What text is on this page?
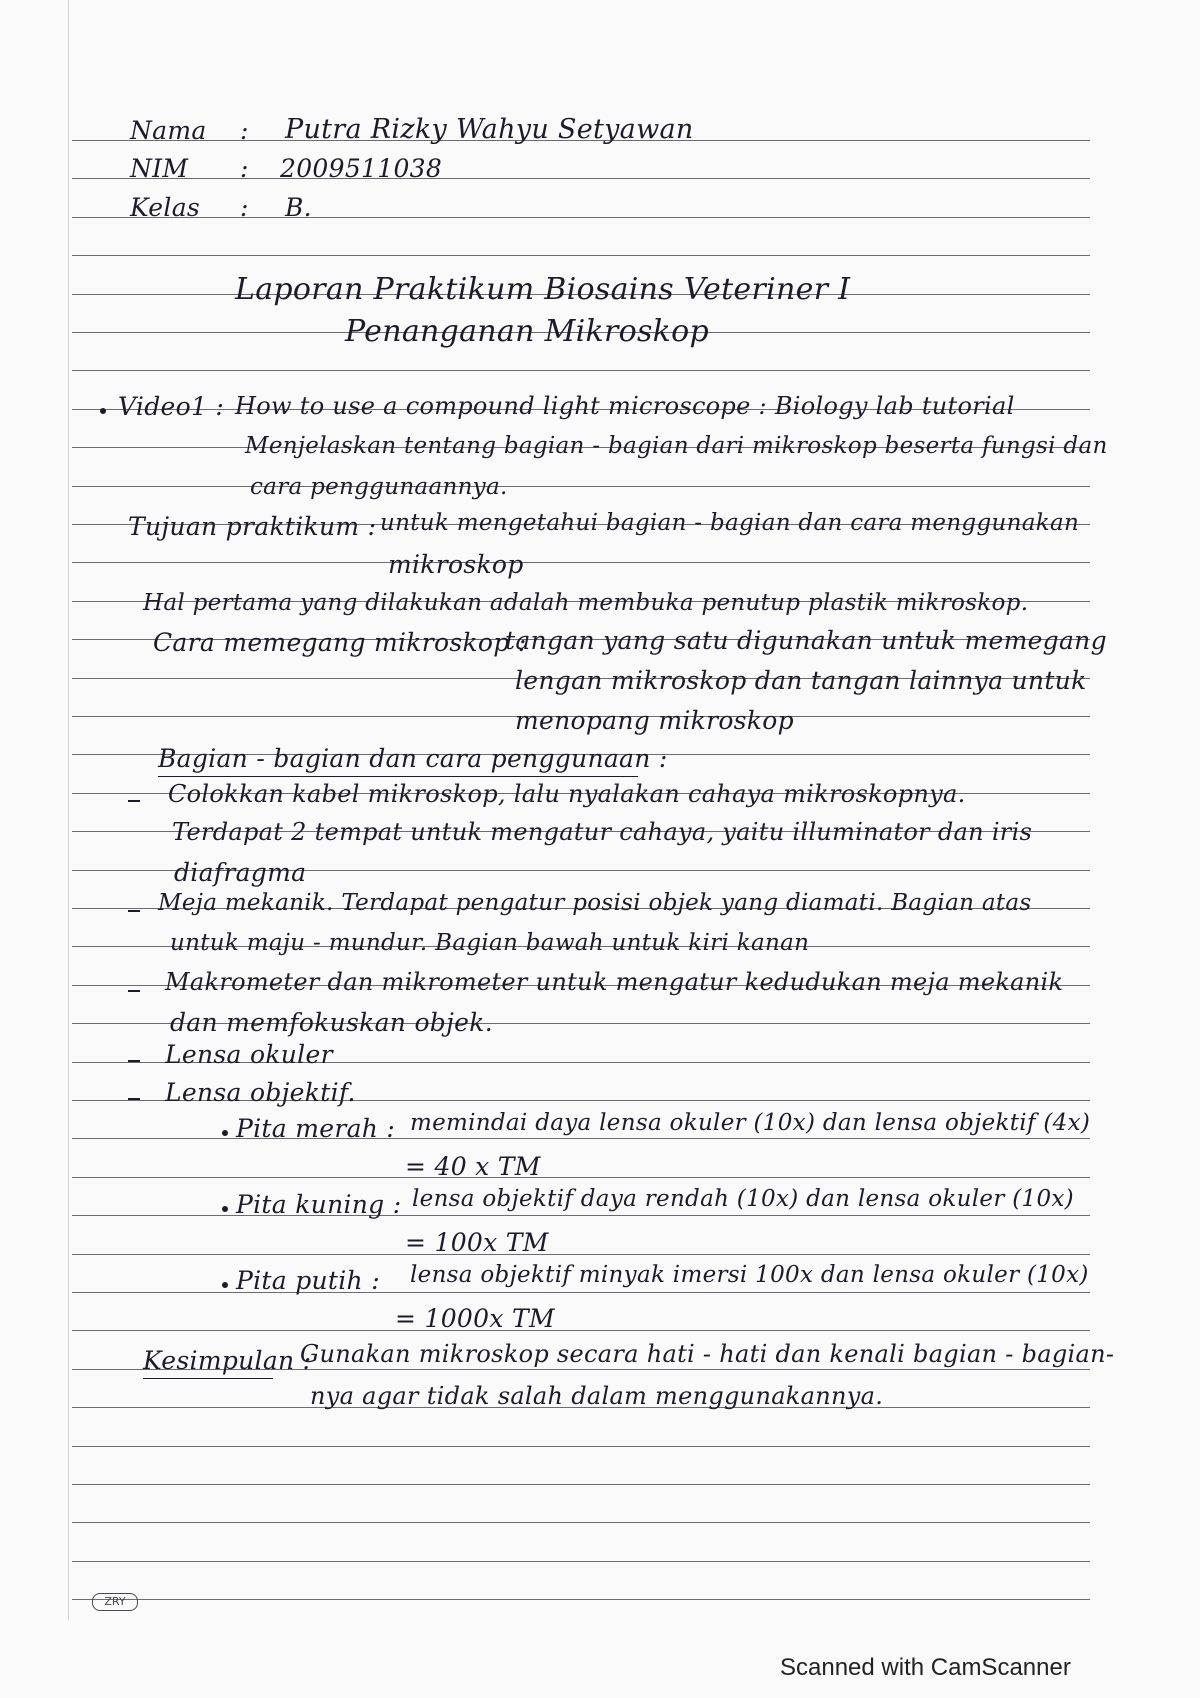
Nama : Putra Rizky Wahyu Setyawan
NIM : 2009511038
Kelas : B.
Laporan Praktikum Biosains Veteriner I
Penanganan Mikroskop
Video1 : How to use a compound light microscope : Biology lab tutorial
Menjelaskan tentang bagian - bagian dari mikroskop beserta fungsi dan
cara penggunaannya.
Tujuan praktikum : untuk mengetahui bagian - bagian dan cara menggunakan
mikroskop
Hal pertama yang dilakukan adalah membuka penutup plastik mikroskop.
Cara memegang mikroskop :
tangan yang satu digunakan untuk memegang
lengan mikroskop dan tangan lainnya untuk
menopang mikroskop
Bagian - bagian dan cara penggunaan :
Colokkan kabel mikroskop, lalu nyalakan cahaya mikroskopnya.
Terdapat 2 tempat untuk mengatur cahaya, yaitu illuminator dan iris
diafragma
Meja mekanik. Terdapat pengatur posisi objek yang diamati. Bagian atas
untuk maju - mundur. Bagian bawah untuk kiri kanan
Makrometer dan mikrometer untuk mengatur kedudukan meja mekanik
dan memfokuskan objek.
Lensa okuler
Lensa objektif.
Pita merah : memindai daya lensa okuler (10x) dan lensa objektif (4x)
= 40 x TM
Pita kuning : lensa objektif daya rendah (10x) dan lensa okuler (10x)
= 100x TM
Pita putih : lensa objektif minyak imersi 100x dan lensa okuler (10x)
= 1000x TM
Kesimpulan :
Gunakan mikroskop secara hati - hati dan kenali bagian - bagian-
nya agar tidak salah dalam menggunakannya.
ZRY
Scanned with CamScanner
